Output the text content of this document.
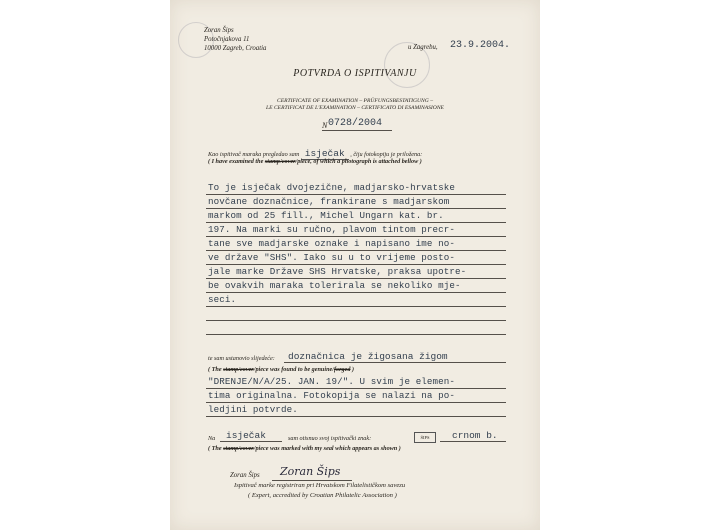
Zoran Šips
Potočnjakova 11
10000 Zagreb, Croatia	u Zagrebu, 23.9.2004.
POTVRDA O ISPITIVANJU
CERTIFICATE OF EXAMINATION – PRÜFUNGSBESTATIGUNG –
LE CERTIFICAT DE L'EXAMINATION – CERTIFICATO DI ESAMINASIONE
N 0728/2004
Kao ispitivač maraka pregledao sam isječak , čiju fotokopiju je priložena:
( I have examined the stamp/cover/piece, of which a photograph is attached bellow )
To je isječak dvojezične, madjarsko-hrvatske
novčane doznačnice, frankirane s madjarskom
markom od 25 fill., Michel Ungarn kat. br.
197. Na marki su ručno, plavom tintom precr-
tane sve madjarske oznake i napisano ime no-
ve države "SHS". Iako su u to vrijeme posto-
jale marke Države SHS Hrvatske, praksa upotre-
be ovakvih maraka tolerirala se nekoliko mje-
seci.
te sam ustanovio slijedeće: doznačnica je žigosana žigom
( The stamp/cover/piece was found to be genuine/forged )
"DRENJE/N/A/25. JAN. 19/". U svim je elemen-
tima originalna. Fotokopija se nalazi na po-
ledjini potvrde.
Na isječak	sam otisnuo svoj ispitivački znak:	ŠIPS	crnom b.
( The stamp/cover/piece was marked with my seal which appears as shown )
Zoran Šips Zoran Šips
Ispitivač marke registriran pri Hrvatskom Filatelističkom savezu
( Expert, accredited by Croatian Philatelic Association )
